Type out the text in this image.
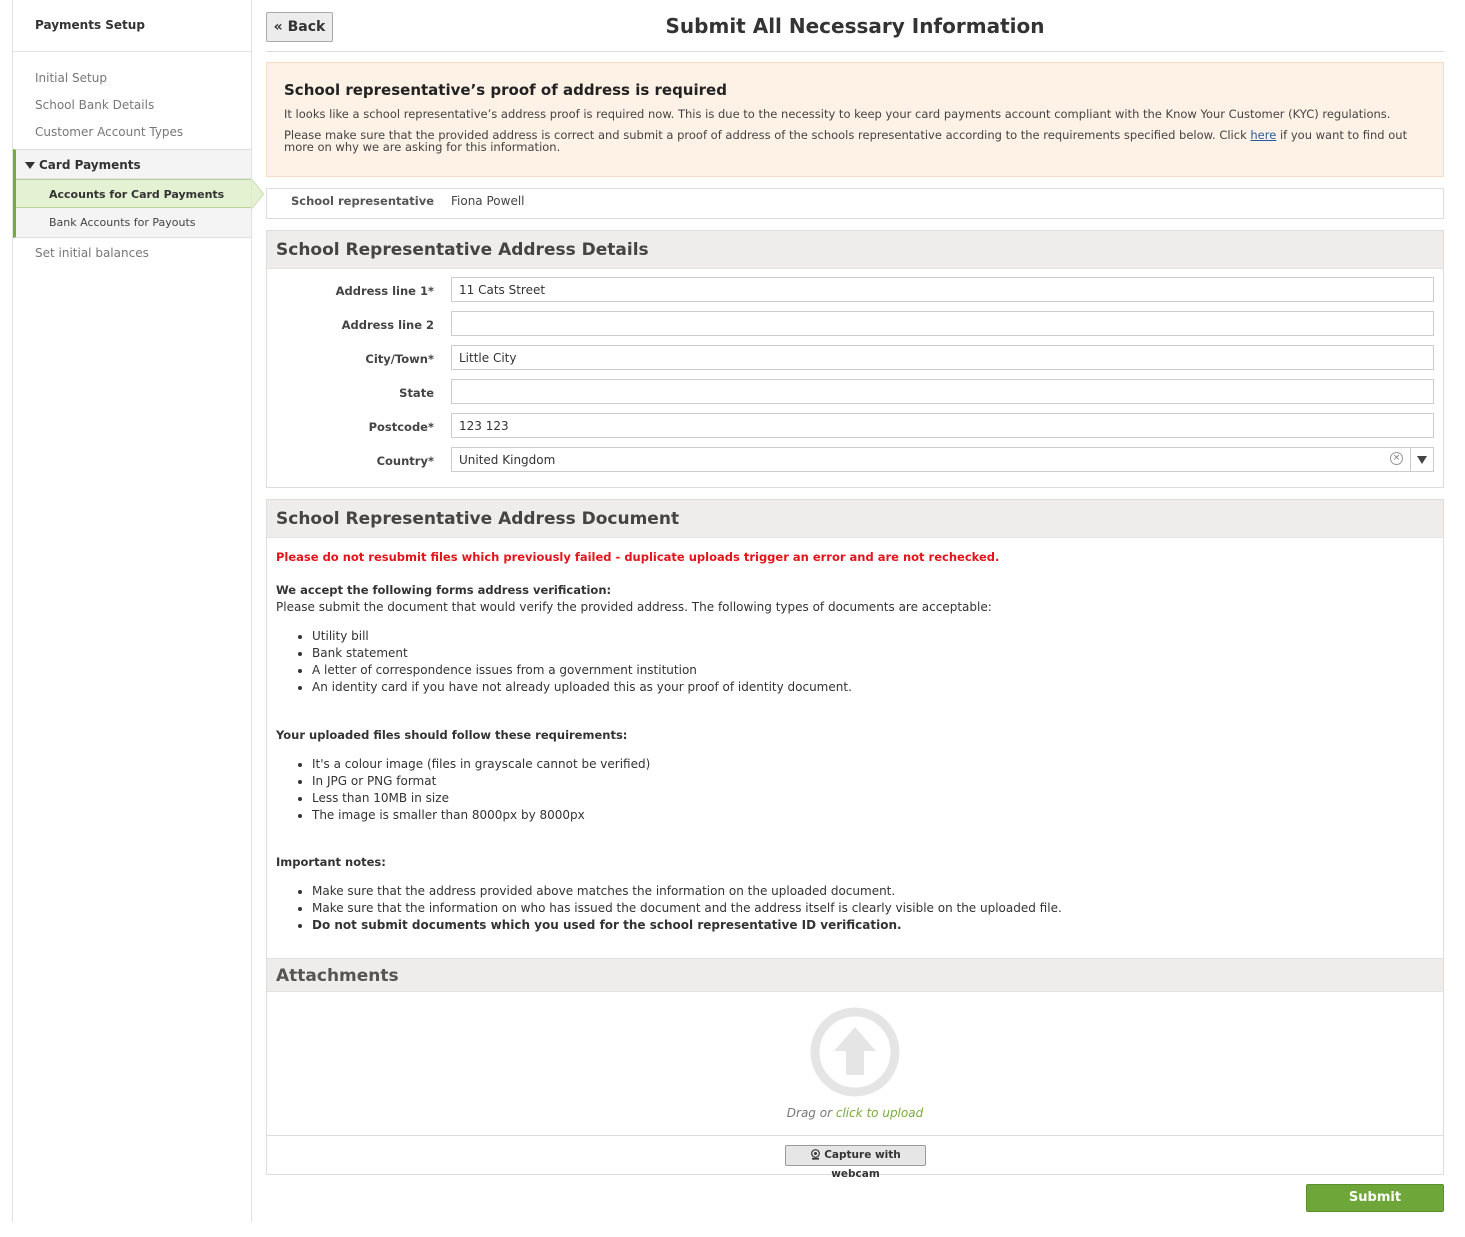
Payments Setup
Initial Setup
School Bank Details
Customer Account Types
Card Payments
Accounts for Card Payments
Bank Accounts for Payouts
Set initial balances
« Back	Submit All Necessary Information
School representative’s proof of address is required

It looks like a school representative’s address proof is required now. This is due to the necessity to keep your card payments account compliant with the Know Your Customer (KYC) regulations.

Please make sure that the provided address is correct and submit a proof of address of the schools representative according to the requirements specified below. Click here if you want to find out more on why we are asking for this information.

School representative Fiona Powell
School Representative Address Details
Address line 1*	11 Cats Street
Address line 2
City/Town*	Little City
State
Postcode*	123 123
Country*	United Kingdom	×
School Representative Address Document

Please do not resubmit files which previously failed - duplicate uploads trigger an error and are not rechecked.

We accept the following forms address verification:

Please submit the document that would verify the provided address. The following types of documents are acceptable:

• Utility bill
• Bank statement
• A letter of correspondence issues from a government institution
• An identity card if you have not already uploaded this as your proof of identity document.

Your uploaded files should follow these requirements:

• It's a colour image (files in grayscale cannot be verified)
• In JPG or PNG format
• Less than 10MB in size
• The image is smaller than 8000px by 8000px

Important notes:

• Make sure that the address provided above matches the information on the uploaded document.
• Make sure that the information on who has issued the document and the address itself is clearly visible on the uploaded file.
• Do not submit documents which you used for the school representative ID verification.
Attachments
Drag or click to upload
Capture with webcam
Submit information
